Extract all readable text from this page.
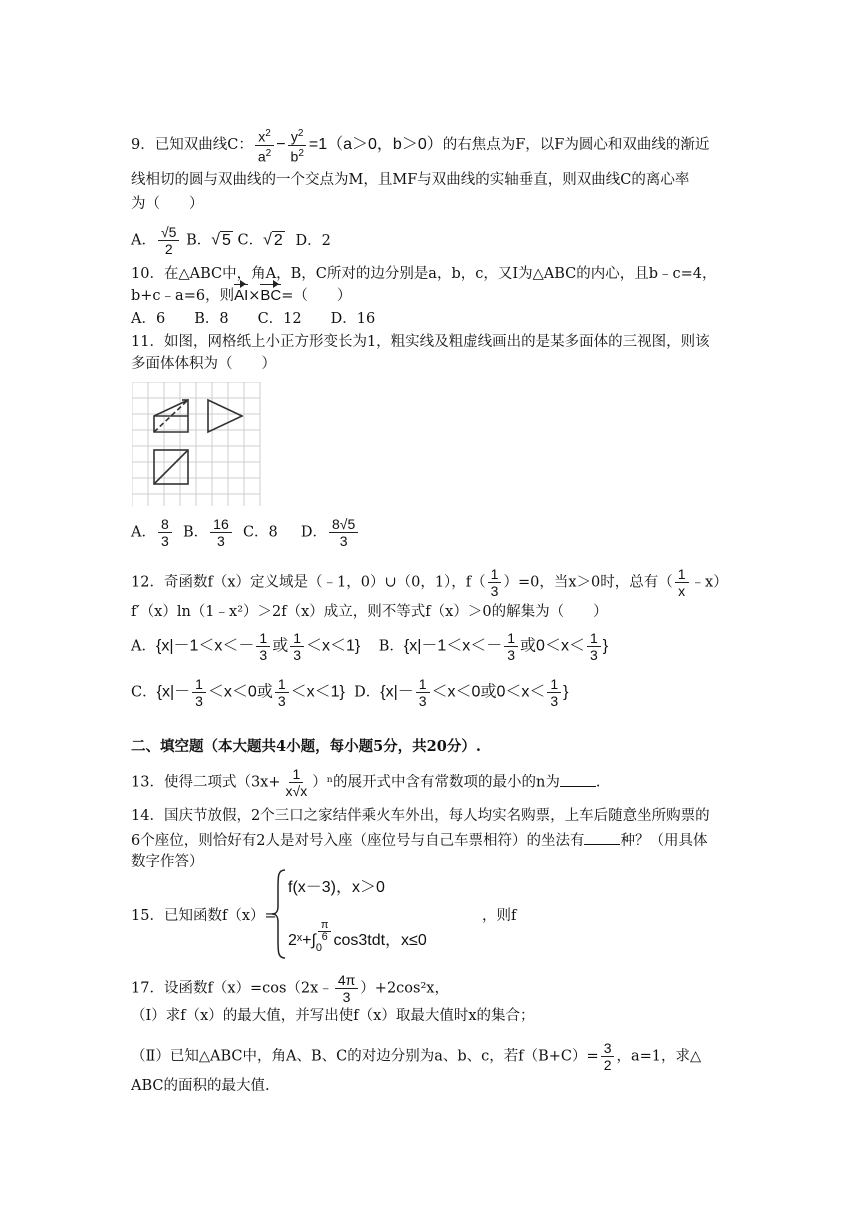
9．已知双曲线C： $\frac{x^2}{a^2} - \frac{y^2}{b^2} =1(a>0$，b＞0）的右焦点为F，以F为圆心和双曲线的渐近
线相切的圆与双曲线的一个交点为M，且MF与双曲线的实轴垂直，则双曲线C的离心率
为（　　）
A． $\frac{√5}{2}$ B．√ 5 C．√ 2 D．2
10．在△ABC中，角A，B，C所对的边分别是a，b，c，又I为△ABC的内心，且b﹣c=4，
b+c﹣a=6，则AI×BC=（　　）
A．6　　B．8　　C．12　　D．16
11．如图，网格纸上小正方形变长为1，粗实线及粗虚线画出的是某多面体的三视图，则该
多面体体积为（　　）
A． $\frac{8}{3}$ B． $\frac{16}{3}$ C．8 D． $\frac{8√5}{3}$
12．奇函数f（x）定义域是（﹣1，0）∪（0，1），$f( \frac{1}{3} )=0$，当x＞0时，总有（ $\frac{1}{x}$ ﹣x）
f′（x）ln（1﹣x²）＞2f（x）成立，则不等式f（x）＞0的解集为（　　）
A．{$x|-1<x<- \frac{1}{3}$ 或 $\frac{1}{3} <x<1$} B．{$x|-1<x<- \frac{1}{3}$ 或$0<x< \frac{1}{3}$ }
C．{$x|- \frac{1}{3} <x<0$或 $\frac{1}{3} <x<1$} D．{$x|- \frac{1}{3} <x<0$或$0<x< \frac{1}{3}$ }
二、填空题（本大题共4小题，每小题5分，共20分）.
13．使得二项式$(3x+ \frac{1}{x√x} )^n$的展开式中含有常数项的最小的n为 .
14．国庆节放假，2个三口之家结伴乘火车外出，每人均实名购票，上车后随意坐所购票的
6个座位，则恰好有2人是对号入座（座位号与自己车票相符）的坐法有 种？（用具体
数字作答）
15．已知函数f（x）=
f(x－3)，x＞0
2ˣ+∫ $\frac{\pi}{6}$
0 cos3tdt，x≤0
，则f
17．设函数f（x）=cos（2x﹣ $\frac{4\pi}{3} )+2\cos^2x$，
（Ⅰ）求f（x）的最大值，并写出使f（x）取最大值时x的集合；
（Ⅱ）已知△ABC中，角A、B、C的对边分别为a、b、c，若$f(B+C)= \frac{3}{2}$ ，a=1，求△
ABC的面积的最大值.
